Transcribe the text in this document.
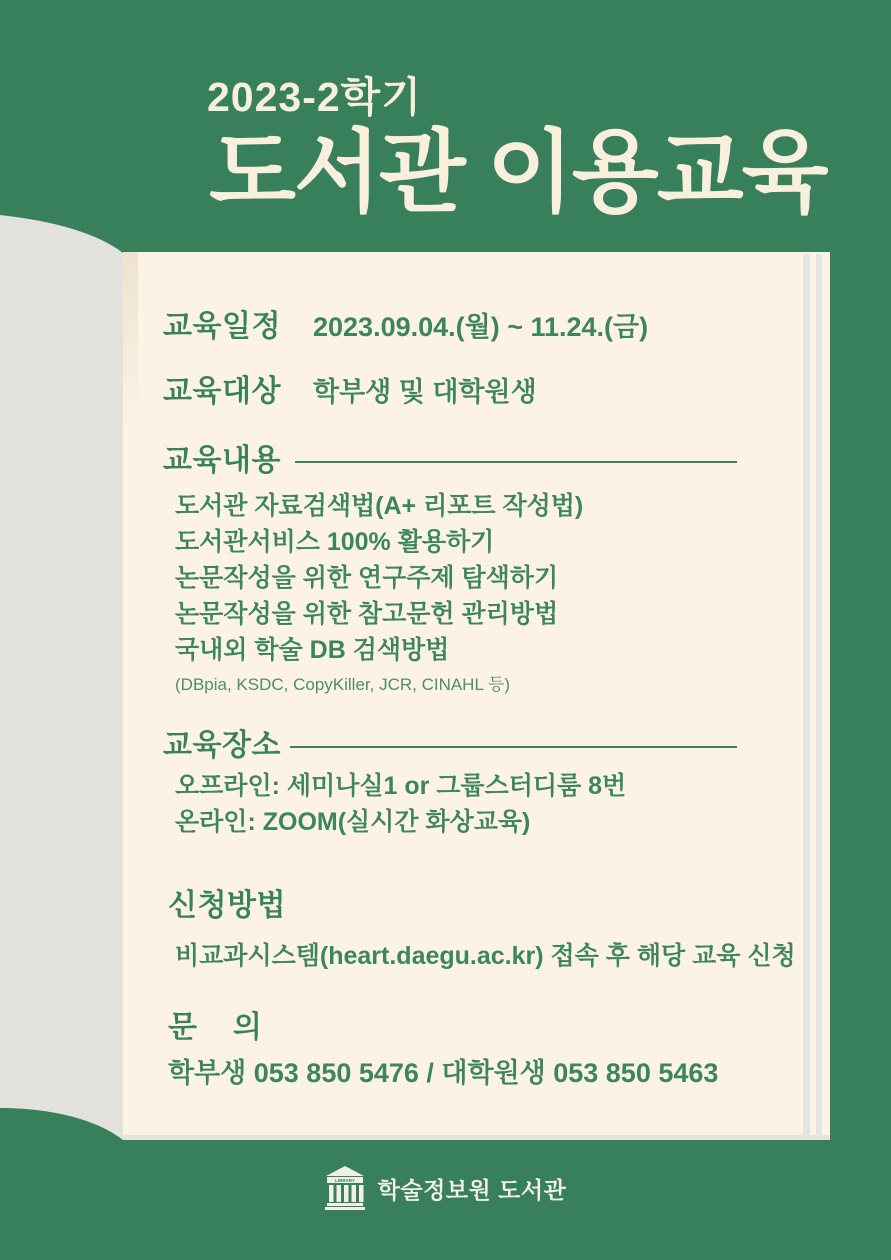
2023-2학기
도서관 이용교육
교육일정 2023.09.04.(월) ~ 11.24.(금)
교육대상 학부생 및 대학원생
교육내용
도서관 자료검색법(A+ 리포트 작성법)
도서관서비스 100% 활용하기
논문작성을 위한 연구주제 탐색하기
논문작성을 위한 참고문헌 관리방법
국내외 학술 DB 검색방법
(DBpia, KSDC, CopyKiller, JCR, CINAHL 등)
교육장소
오프라인: 세미나실1 or 그룹스터디룸 8번
온라인: ZOOM(실시간 화상교육)
신청방법
비교과시스템(heart.daegu.ac.kr) 접속 후 해당 교육 신청
문    의
학부생 053 850 5476 / 대학원생 053 850 5463
LIBRARY 학술정보원 도서관
